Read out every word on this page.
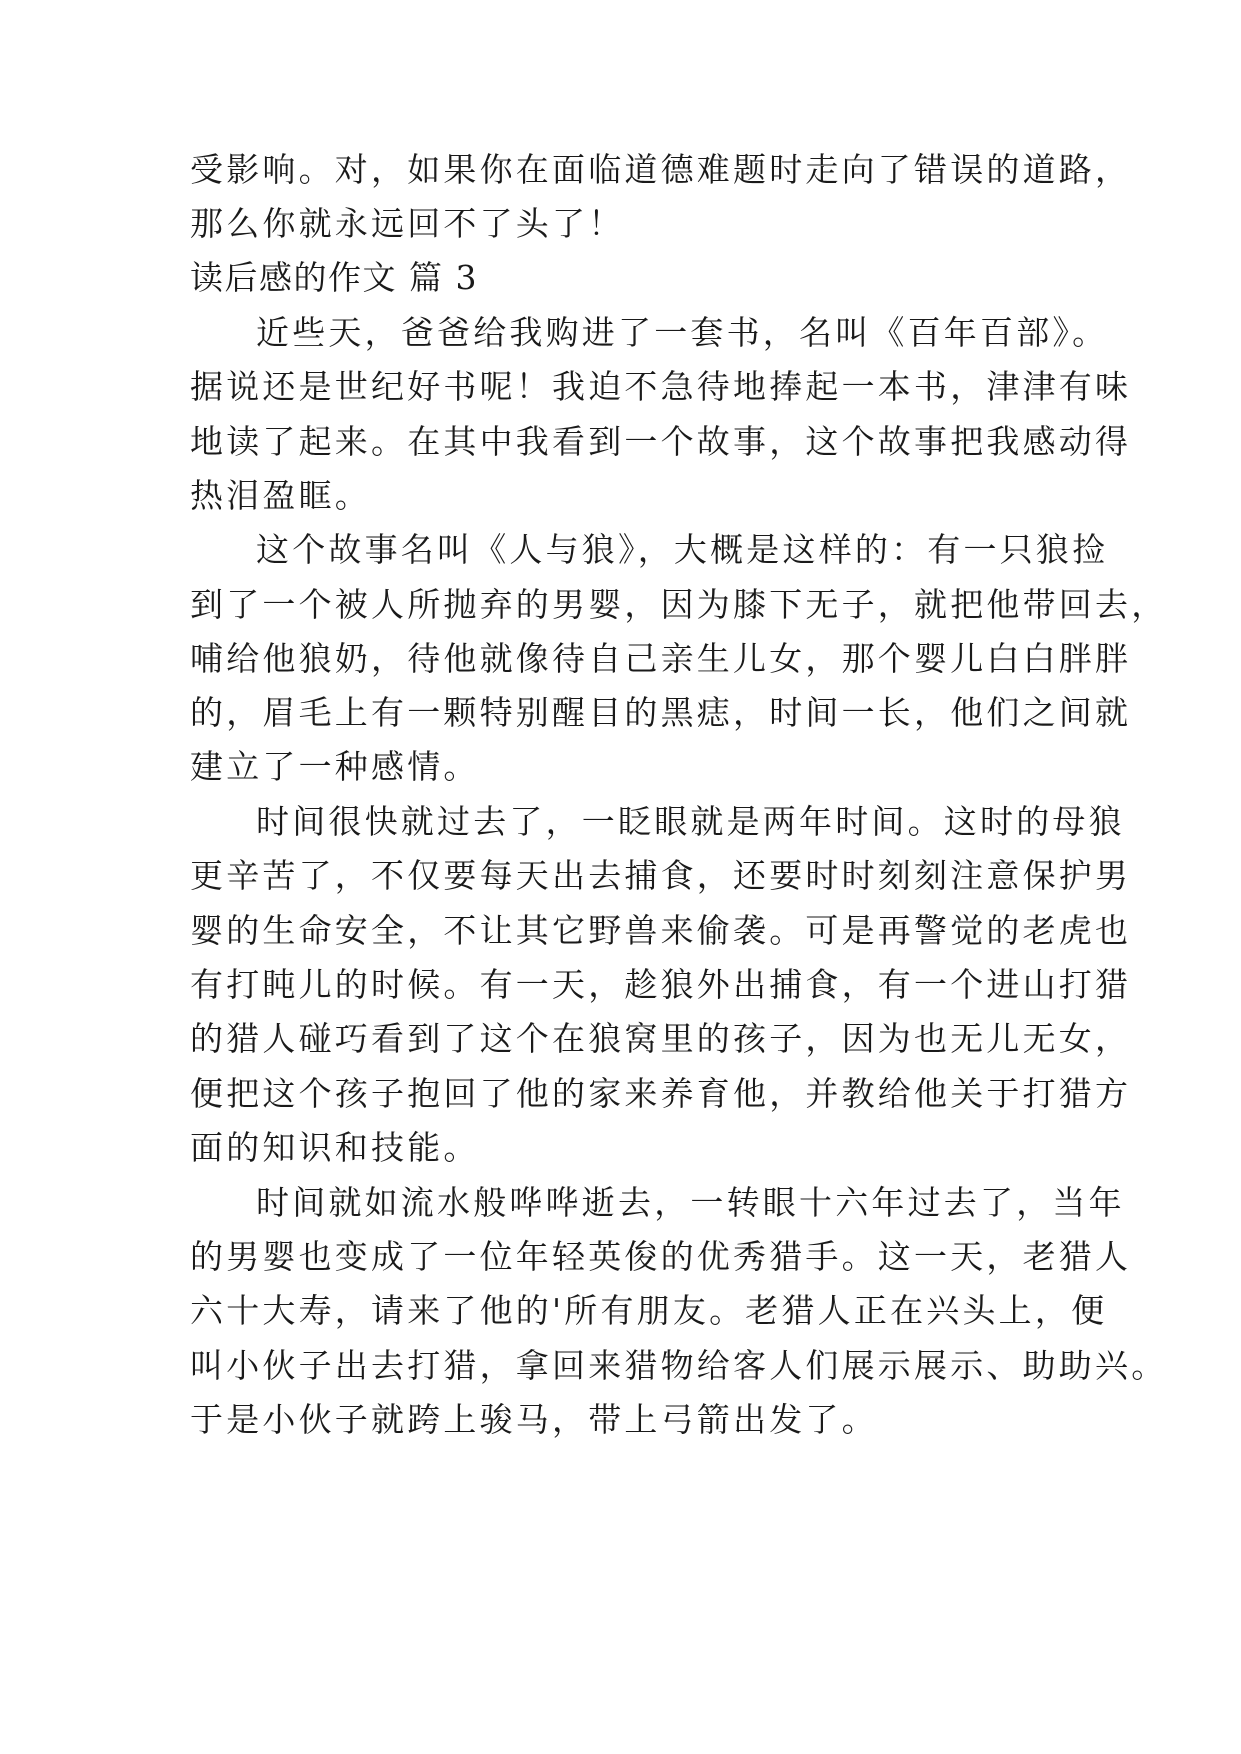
受影响。对，如果你在面临道德难题时走向了错误的道路，
那么你就永远回不了头了！
读后感的作文 篇 3
近些天，爸爸给我购进了一套书，名叫《百年百部》。
据说还是世纪好书呢！我迫不急待地捧起一本书，津津有味
地读了起来。在其中我看到一个故事，这个故事把我感动得
热泪盈眶。
这个故事名叫《人与狼》，大概是这样的：有一只狼捡
到了一个被人所抛弃的男婴，因为膝下无子，就把他带回去，
哺给他狼奶，待他就像待自己亲生儿女，那个婴儿白白胖胖
的，眉毛上有一颗特别醒目的黑痣，时间一长，他们之间就
建立了一种感情。
时间很快就过去了，一眨眼就是两年时间。这时的母狼
更辛苦了，不仅要每天出去捕食，还要时时刻刻注意保护男
婴的生命安全，不让其它野兽来偷袭。可是再警觉的老虎也
有打盹儿的时候。有一天，趁狼外出捕食，有一个进山打猎
的猎人碰巧看到了这个在狼窝里的孩子，因为也无儿无女，
便把这个孩子抱回了他的家来养育他，并教给他关于打猎方
面的知识和技能。
时间就如流水般哗哗逝去，一转眼十六年过去了，当年
的男婴也变成了一位年轻英俊的优秀猎手。这一天，老猎人
六十大寿，请来了他的'所有朋友。老猎人正在兴头上，便
叫小伙子出去打猎，拿回来猎物给客人们展示展示、助助兴。
于是小伙子就跨上骏马，带上弓箭出发了。
